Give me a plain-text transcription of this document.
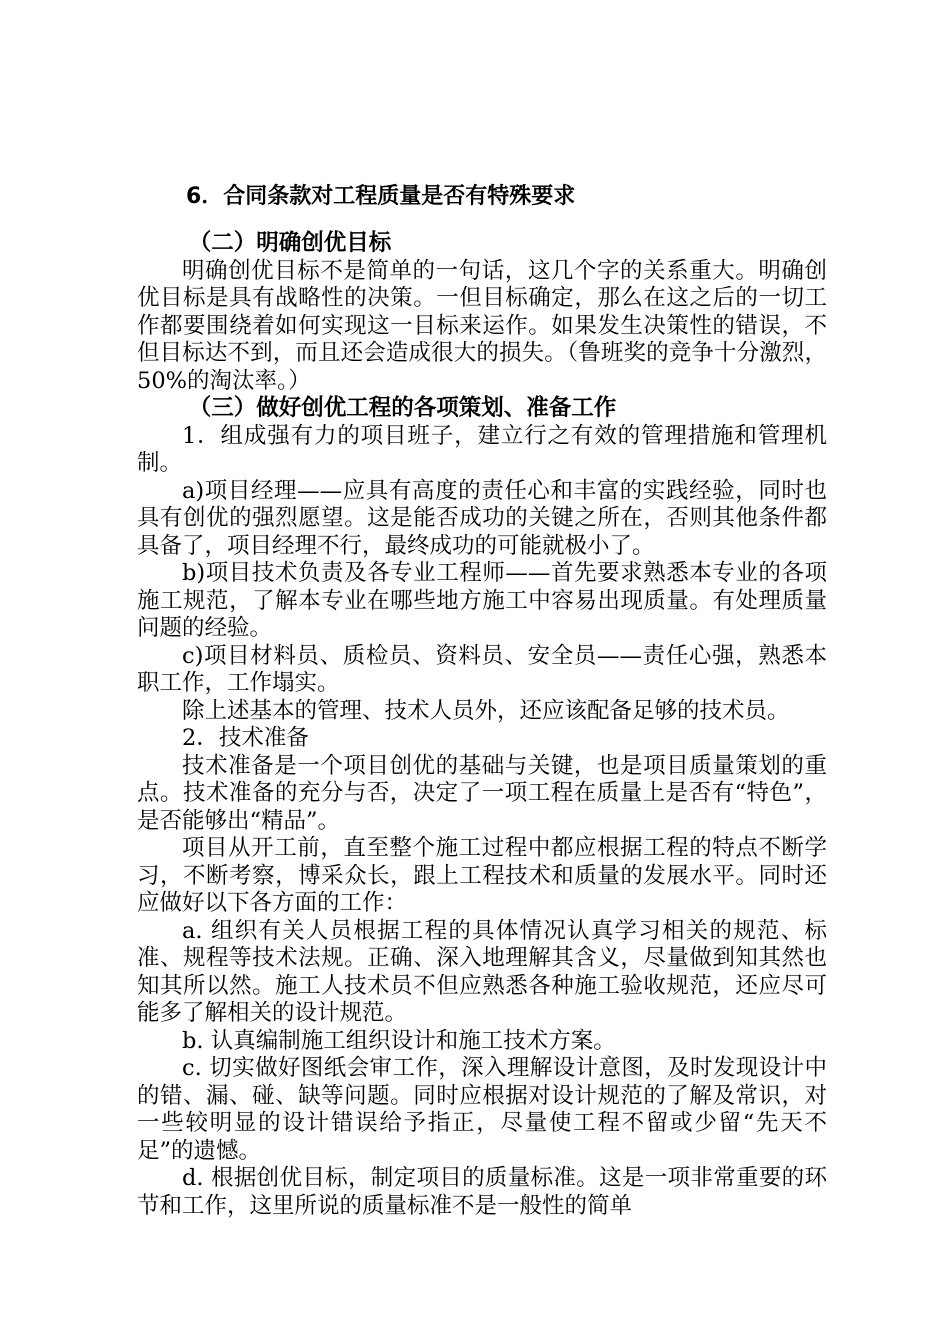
6．合同条款对工程质量是否有特殊要求

（二）明确创优目标

明确创优目标不是简单的一句话，这几个字的关系重大。明确创优目标是具有战略性的决策。一但目标确定，那么在这之后的一切工作都要围绕着如何实现这一目标来运作。如果发生决策性的错误，不但目标达不到，而且还会造成很大的损失。（鲁班奖的竞争十分激烈，50%的淘汰率。）

（三）做好创优工程的各项策划、准备工作

1．组成强有力的项目班子，建立行之有效的管理措施和管理机制。

a)项目经理——应具有高度的责任心和丰富的实践经验，同时也具有创优的强烈愿望。这是能否成功的关键之所在，否则其他条件都具备了，项目经理不行，最终成功的可能就极小了。

b)项目技术负责及各专业工程师——首先要求熟悉本专业的各项施工规范，了解本专业在哪些地方施工中容易出现质量。有处理质量问题的经验。

c)项目材料员、质检员、资料员、安全员——责任心强，熟悉本职工作，工作塌实。

除上述基本的管理、技术人员外，还应该配备足够的技术员。

2．技术准备

技术准备是一个项目创优的基础与关键，也是项目质量策划的重点。技术准备的充分与否，决定了一项工程在质量上是否有“特色”，是否能够出“精品”。

项目从开工前，直至整个施工过程中都应根据工程的特点不断学习，不断考察，博采众长，跟上工程技术和质量的发展水平。同时还应做好以下各方面的工作：

a. 组织有关人员根据工程的具体情况认真学习相关的规范、标准、规程等技术法规。正确、深入地理解其含义，尽量做到知其然也知其所以然。施工人技术员不但应熟悉各种施工验收规范，还应尽可能多了解相关的设计规范。

b. 认真编制施工组织设计和施工技术方案。

c. 切实做好图纸会审工作，深入理解设计意图，及时发现设计中的错、漏、碰、缺等问题。同时应根据对设计规范的了解及常识，对一些较明显的设计错误给予指正，尽量使工程不留或少留“先天不足”的遗憾。

d. 根据创优目标，制定项目的质量标准。这是一项非常重要的环节和工作，这里所说的质量标准不是一般性的简单
